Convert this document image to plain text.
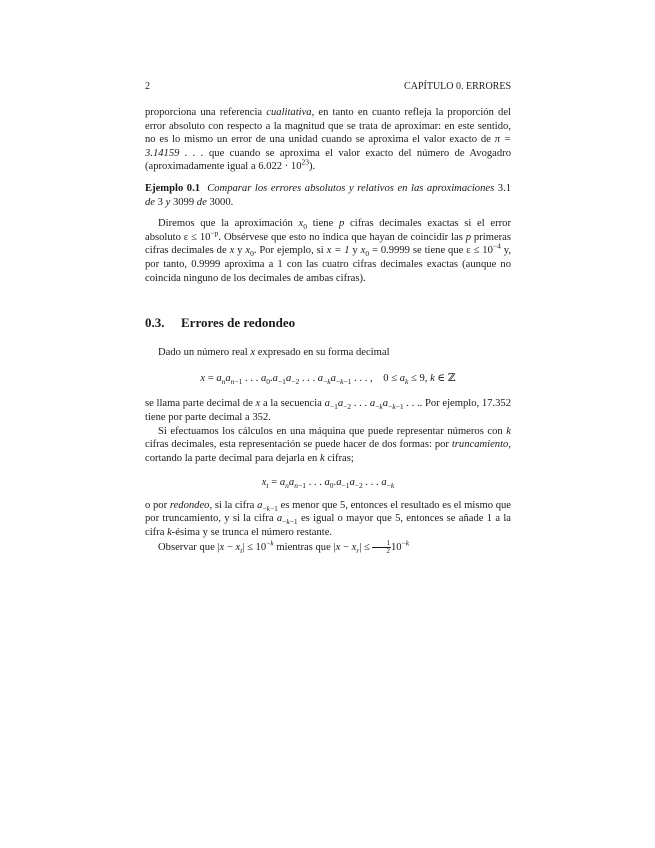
2	CAPÍTULO 0. ERRORES

proporciona una referencia cualitativa, en tanto en cuanto refleja la proporción del error absoluto con respecto a la magnitud que se trata de aproximar: en este sentido, no es lo mismo un error de una unidad cuando se aproxima el valor exacto de π = 3.14159 . . . que cuando se aproxima el valor exacto del número de Avogadro (aproximadamente igual a $6.022 \cdot 10^{23}$).

Ejemplo 0.1 Comparar los errores absolutos y relativos en las aproximaciones 3.1 de 3 y 3099 de 3000.

Diremos que la aproximación $x_0$ tiene p cifras decimales exactas si el error absoluto $\varepsilon \le 10^{-p}$. Obsérvese que esto no indica que hayan de coincidir las p primeras cifras decimales de x y $x_0$. Por ejemplo, si x = 1 y $x_0 = 0.9999$ se tiene que $\varepsilon \le 10^{-4}$ y, por tanto, 0.9999 aproxima a 1 con las cuatro cifras decimales exactas (aunque no coincida ninguno de los decimales de ambas cifras).

0.3. Errores de redondeo

Dado un número real x expresado en su forma decimal

$x = a_na_{n-1}$ . . . $a_0.a_{-1}a_{-2}$ . . . $a_{-k}a_{-k-1}$ . . . ,    $0 \le a_k \le 9$, k ∈ ℤ

se llama parte decimal de x a la secuencia $a_{-1}a_{-2}$ . . . $a_{-k}a_{-k-1}$ . . .. Por ejemplo, 17.352 tiene por parte decimal a 352.

Si efectuamos los cálculos en una máquina que puede representar números con k cifras decimales, esta representación se puede hacer de dos formas: por truncamiento, cortando la parte decimal para dejarla en k cifras;

$x_t = a_na_{n-1}$ . . . $a_0.a_{-1}a_{-2}$ . . . $a_{-k}$

o por redondeo, si la cifra $a_{-k-1}$ es menor que 5, entonces el resultado es el mismo que por truncamiento, y si la cifra $a_{-k-1}$ es igual o mayor que 5, entonces se añade 1 a la cifra k-ésima y se trunca el número restante.

Observar que $|x - x_t| \le 10^{-k}$ mientras que $|x - x_r| \le \frac{1}{2} 10^{-k}$
